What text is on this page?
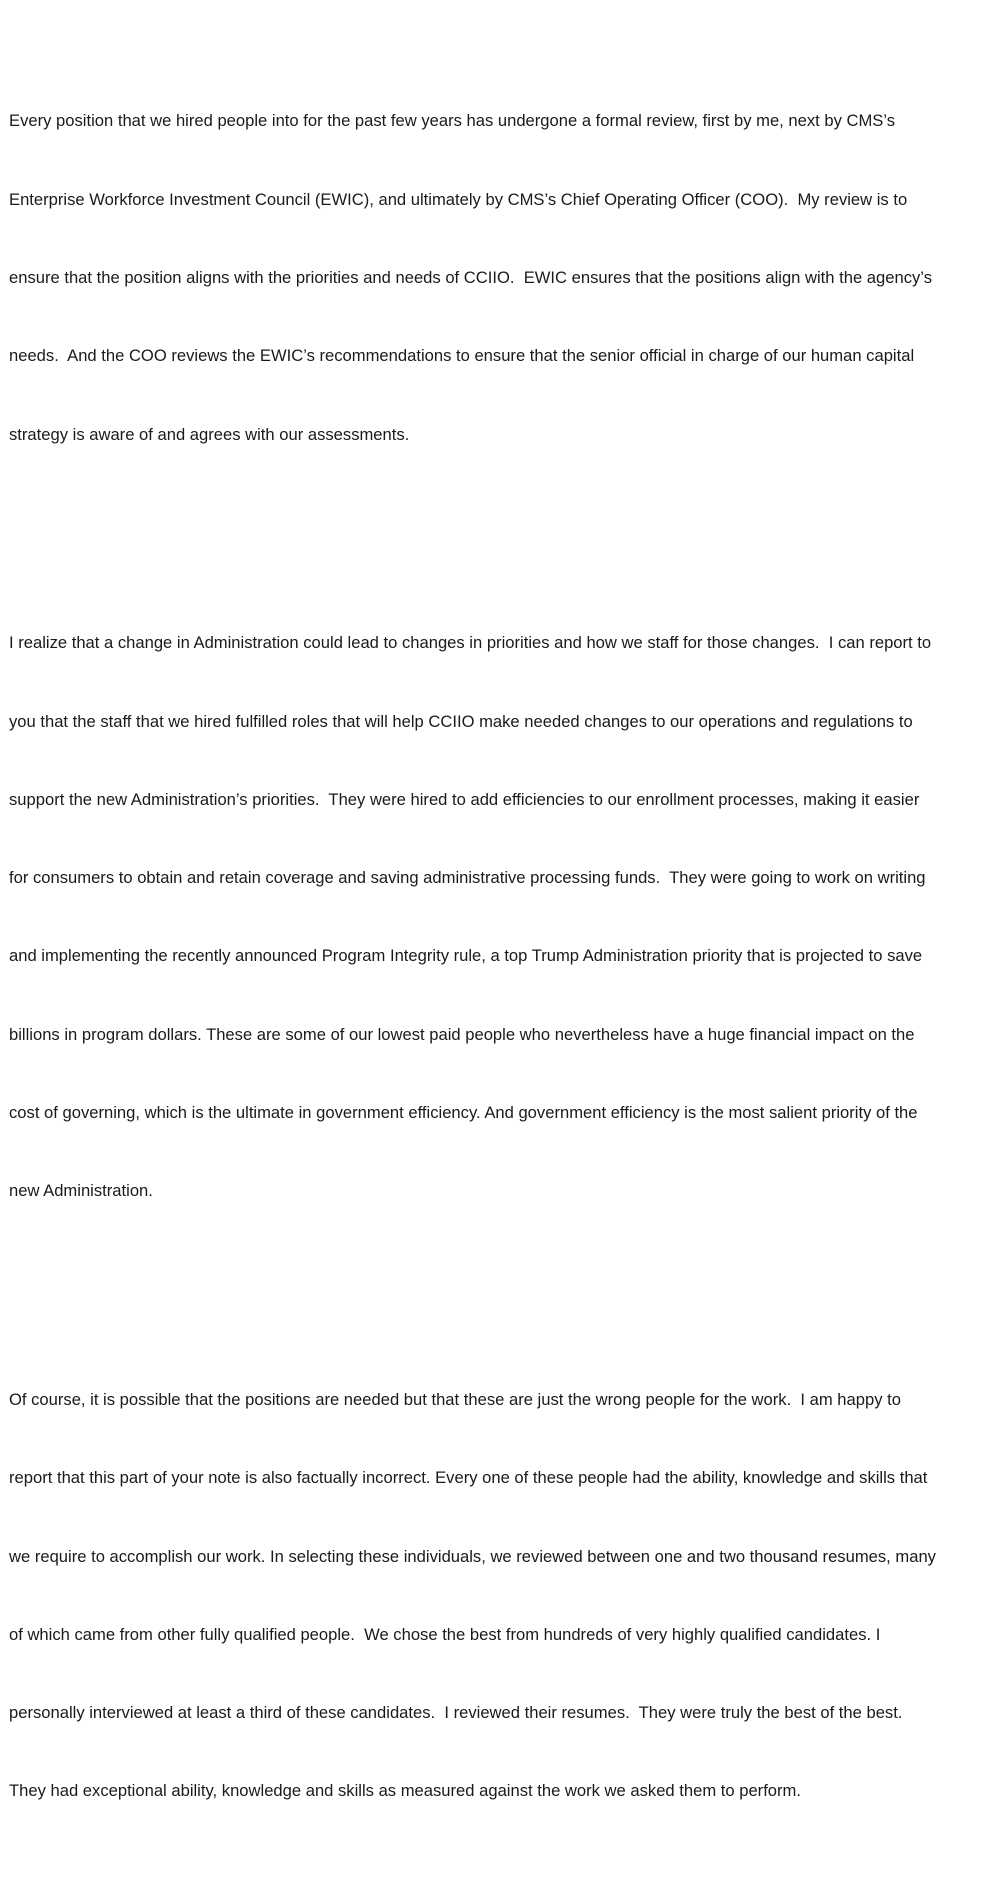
Every position that we hired people into for the past few years has undergone a formal review, first by me, next by CMS’s

Enterprise Workforce Investment Council (EWIC), and ultimately by CMS’s Chief Operating Officer (COO).  My review is to

ensure that the position aligns with the priorities and needs of CCIIO.  EWIC ensures that the positions align with the agency’s

needs.  And the COO reviews the EWIC’s recommendations to ensure that the senior official in charge of our human capital

strategy is aware of and agrees with our assessments.

I realize that a change in Administration could lead to changes in priorities and how we staff for those changes.  I can report to

you that the staff that we hired fulfilled roles that will help CCIIO make needed changes to our operations and regulations to

support the new Administration’s priorities.  They were hired to add efficiencies to our enrollment processes, making it easier

for consumers to obtain and retain coverage and saving administrative processing funds.  They were going to work on writing

and implementing the recently announced Program Integrity rule, a top Trump Administration priority that is projected to save

billions in program dollars. These are some of our lowest paid people who nevertheless have a huge financial impact on the

cost of governing, which is the ultimate in government efficiency. And government efficiency is the most salient priority of the

new Administration.

Of course, it is possible that the positions are needed but that these are just the wrong people for the work.  I am happy to

report that this part of your note is also factually incorrect. Every one of these people had the ability, knowledge and skills that

we require to accomplish our work. In selecting these individuals, we reviewed between one and two thousand resumes, many

of which came from other fully qualified people.  We chose the best from hundreds of very highly qualified candidates. I

personally interviewed at least a third of these candidates.  I reviewed their resumes.  They were truly the best of the best.

They had exceptional ability, knowledge and skills as measured against the work we asked them to perform.
